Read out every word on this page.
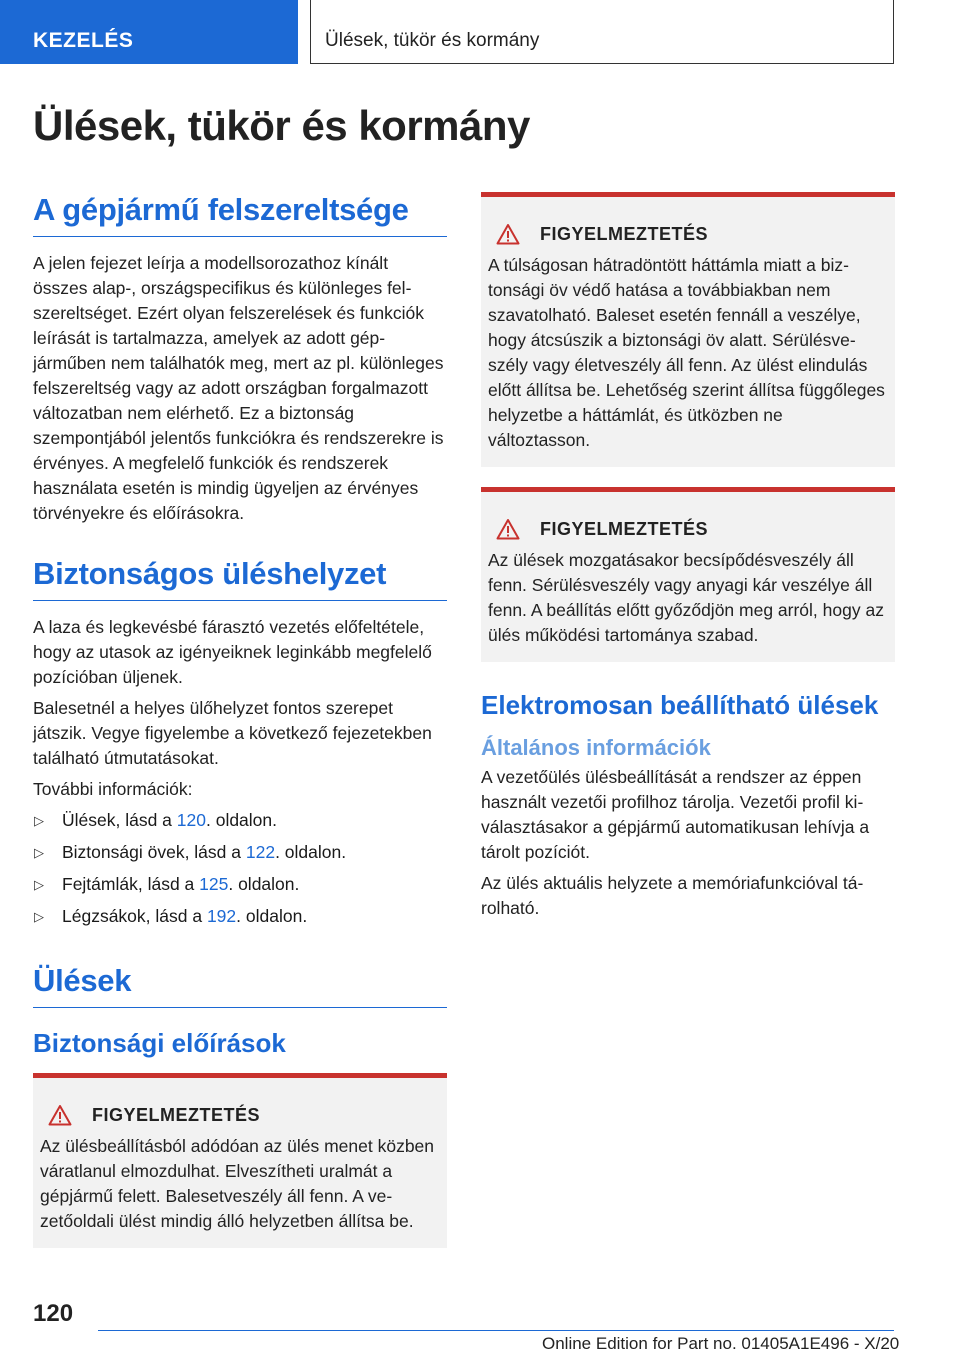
KEZELÉS	Ülések, tükör és kormány
Ülések, tükör és kormány
A gépjármű felszereltsége

A jelen fejezet leírja a modellsorozathoz kínált összes alap-, országspecifikus és különleges felszereltséget. Ezért olyan felszerelések és funkciók leírását is tartalmazza, amelyek az adott gépjárműben nem találhatók meg, mert az pl. különleges felszereltség vagy az adott országban forgalmazott változatban nem elérhető. Ez a biztonság szempontjából jelentős funkciókra és rendszerekre is érvényes. A megfelelő funkciók és rendszerek használata esetén is mindig ügyeljen az érvényes törvényekre és előírásokra.

Biztonságos üléshelyzet

A laza és legkevésbé fárasztó vezetés előfeltétele, hogy az utasok az igényeiknek leginkább megfelelő pozícióban üljenek.

Balesetnél a helyes ülőhelyzet fontos szerepet játszik. Vegye figyelembe a következő fejezetekben található útmutatásokat.

További információk:

▷ Ülések, lásd a 120. oldalon.
▷ Biztonsági övek, lásd a 122. oldalon.
▷ Fejtámlák, lásd a 125. oldalon.
▷ Légzsákok, lásd a 192. oldalon.
Ülések
Biztonsági előírások
FIGYELMEZTETÉS

Az ülésbeállításból adódóan az ülés menet közben váratlanul elmozdulhat. Elveszítheti uralmát a gépjármű felett. Balesetveszély áll fenn. A vezetőoldali ülést mindig álló helyzetben állítsa be.

FIGYELMEZTETÉS

A túlságosan hátradöntött háttámla miatt a biztonsági öv védő hatása a továbbiakban nem szavatolható. Baleset esetén fennáll a veszélye, hogy átcsúszik a biztonsági öv alatt. Sérülésveszély vagy életveszély áll fenn. Az ülést elindulás előtt állítsa be. Lehetőség szerint állítsa függőleges helyzetbe a háttámlát, és ütközben ne változtasson.

FIGYELMEZTETÉS

Az ülések mozgatásakor becsípődésveszély áll fenn. Sérülésveszély vagy anyagi kár veszélye áll fenn. A beállítás előtt győződjön meg arról, hogy az ülés működési tartománya szabad.

Elektromosan beállítható ülések
Általános információk

A vezetőülés ülésbeállítását a rendszer az éppen használt vezetői profilhoz tárolja. Vezetői profil kiválasztásakor a gépjármű automatikusan lehívja a tárolt pozíciót.

Az ülés aktuális helyzete a memóriafunkcióval tárolható.

120
Online Edition for Part no. 01405A1E496 - X/20
